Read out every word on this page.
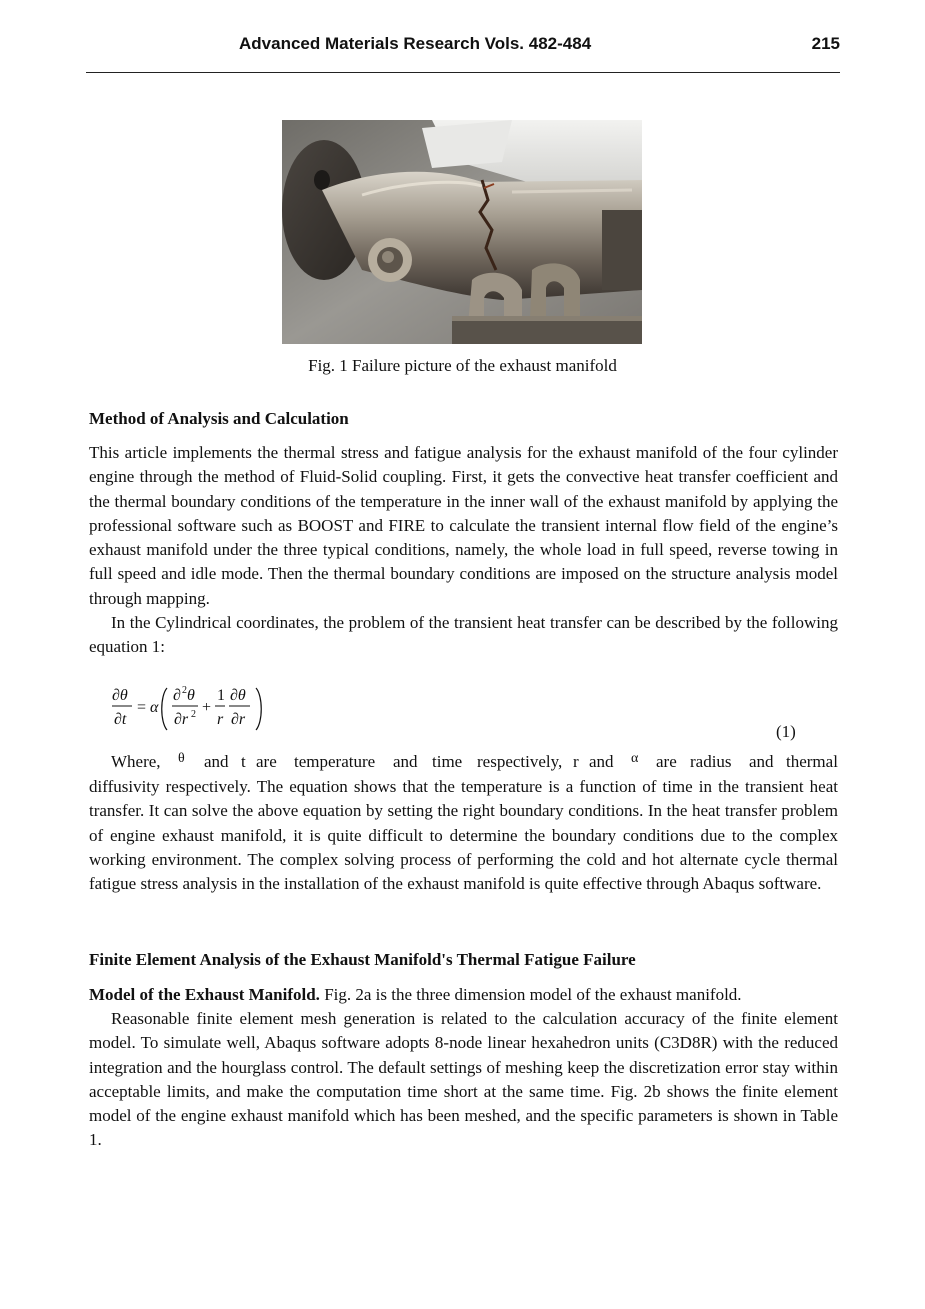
Advanced Materials Research Vols. 482-484	215
Fig. 1 Failure picture of the exhaust manifold
Method of Analysis and Calculation

This article implements the thermal stress and fatigue analysis for the exhaust manifold of the four cylinder engine through the method of Fluid-Solid coupling. First, it gets the convective heat transfer coefficient and the thermal boundary conditions of the temperature in the inner wall of the exhaust manifold by applying the professional software such as BOOST and FIRE to calculate the transient internal flow field of the engine’s exhaust manifold under the three typical conditions, namely, the whole load in full speed, reverse towing in full speed and idle mode. Then the thermal boundary conditions are imposed on the structure analysis model through mapping.

In the Cylindrical coordinates, the problem of the transient heat transfer can be described by the following equation 1:

∂θ
∂t
= α
∂ 2 θ
∂r 2 +
1
r
∂θ
∂r
(1)
Where, θ and t are temperature and time respectively, r and α are radius and thermal

diffusivity respectively. The equation shows that the temperature is a function of time in the transient heat transfer. It can solve the above equation by setting the right boundary conditions. In the heat transfer problem of engine exhaust manifold, it is quite difficult to determine the boundary conditions due to the complex working environment. The complex solving process of performing the cold and hot alternate cycle thermal fatigue stress analysis in the installation of the exhaust manifold is quite effective through Abaqus software.

Finite Element Analysis of the Exhaust Manifold's Thermal Fatigue Failure

Model of the Exhaust Manifold. Fig. 2a is the three dimension model of the exhaust manifold.

Reasonable finite element mesh generation is related to the calculation accuracy of the finite element model. To simulate well, Abaqus software adopts 8-node linear hexahedron units (C3D8R) with the reduced integration and the hourglass control. The default settings of meshing keep the discretization error stay within acceptable limits, and make the computation time short at the same time. Fig. 2b shows the finite element model of the engine exhaust manifold which has been meshed, and the specific parameters is shown in Table 1.
